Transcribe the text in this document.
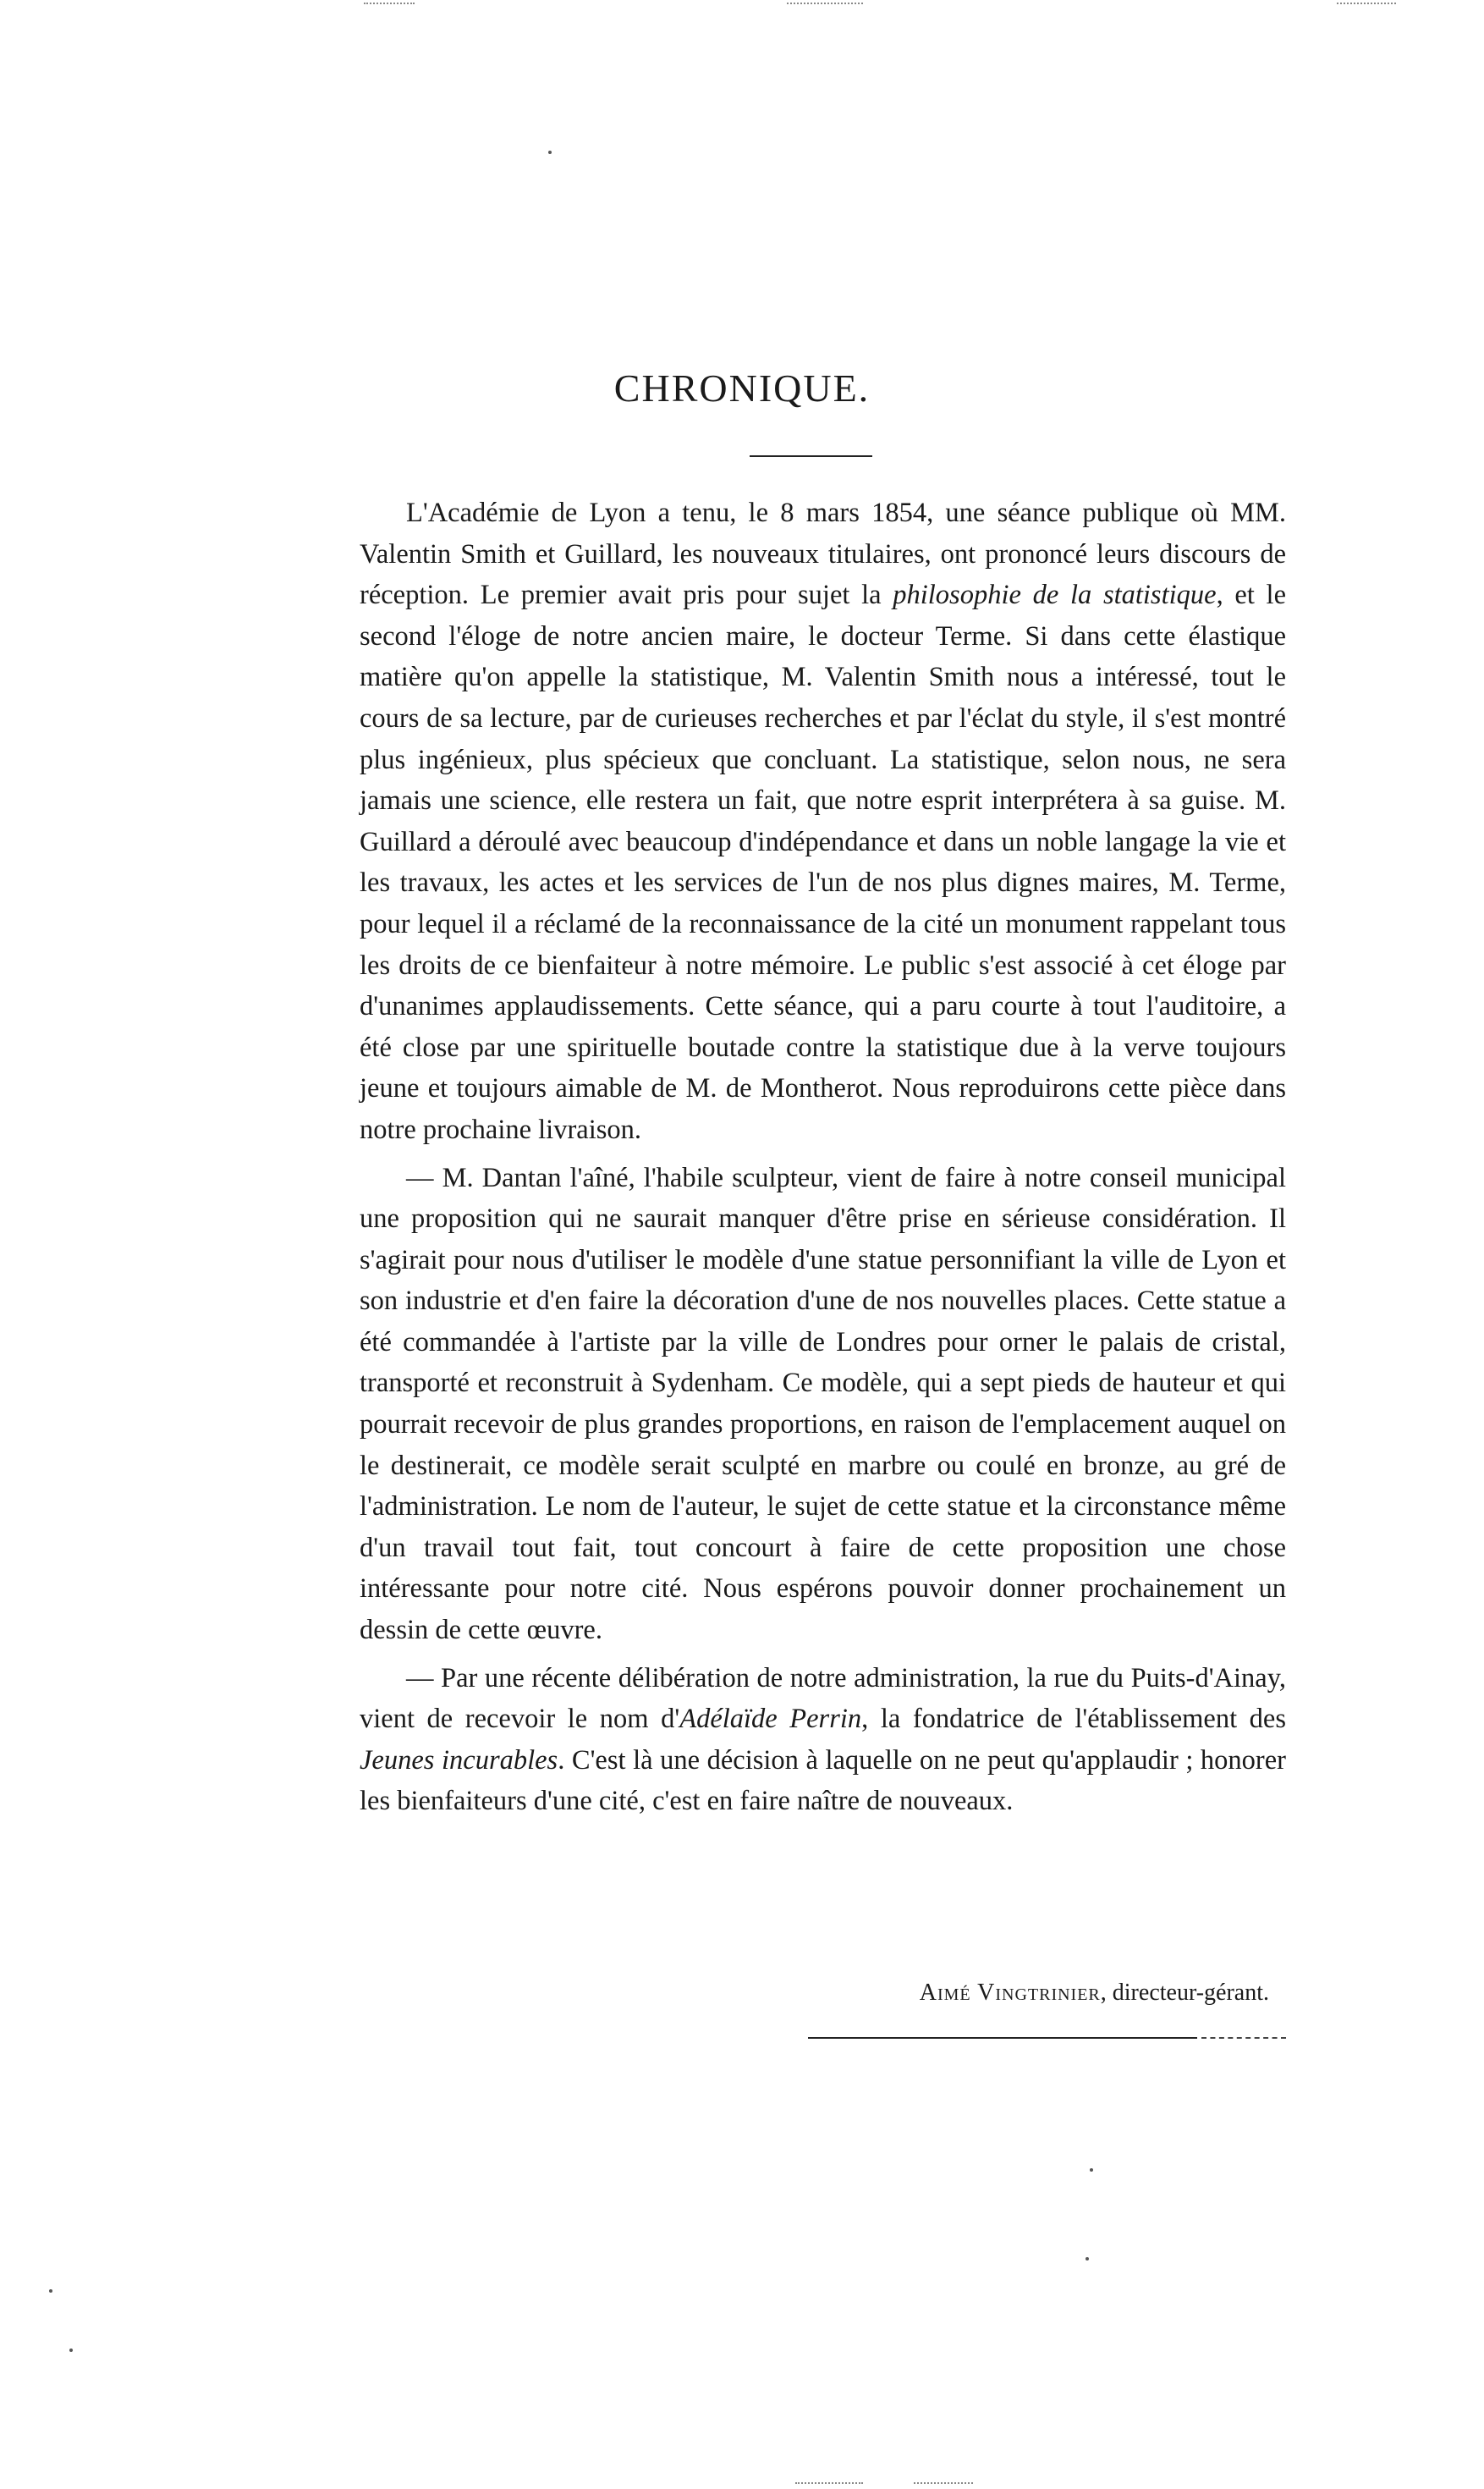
CHRONIQUE.

L'Académie de Lyon a tenu, le 8 mars 1854, une séance publique où MM. Valentin Smith et Guillard, les nouveaux titulaires, ont prononcé leurs discours de réception. Le premier avait pris pour sujet la philosophie de la statistique, et le second l'éloge de notre ancien maire, le docteur Terme. Si dans cette élastique matière qu'on appelle la statistique, M. Valentin Smith nous a intéressé, tout le cours de sa lecture, par de curieuses recherches et par l'éclat du style, il s'est montré plus ingénieux, plus spécieux que concluant. La statistique, selon nous, ne sera jamais une science, elle restera un fait, que notre esprit interprétera à sa guise. M. Guillard a déroulé avec beaucoup d'indépendance et dans un noble langage la vie et les travaux, les actes et les services de l'un de nos plus dignes maires, M. Terme, pour lequel il a réclamé de la reconnaissance de la cité un monument rappelant tous les droits de ce bienfaiteur à notre mémoire. Le public s'est associé à cet éloge par d'unanimes applaudissements. Cette séance, qui a paru courte à tout l'auditoire, a été close par une spirituelle boutade contre la statistique due à la verve toujours jeune et toujours aimable de M. de Montherot. Nous reproduirons cette pièce dans notre prochaine livraison.

— M. Dantan l'aîné, l'habile sculpteur, vient de faire à notre conseil municipal une proposition qui ne saurait manquer d'être prise en sérieuse considération. Il s'agirait pour nous d'utiliser le modèle d'une statue personnifiant la ville de Lyon et son industrie et d'en faire la décoration d'une de nos nouvelles places. Cette statue a été commandée à l'artiste par la ville de Londres pour orner le palais de cristal, transporté et reconstruit à Sydenham. Ce modèle, qui a sept pieds de hauteur et qui pourrait recevoir de plus grandes proportions, en raison de l'emplacement auquel on le destinerait, ce modèle serait sculpté en marbre ou coulé en bronze, au gré de l'administration. Le nom de l'auteur, le sujet de cette statue et la circonstance même d'un travail tout fait, tout concourt à faire de cette proposition une chose intéressante pour notre cité. Nous espérons pouvoir donner prochainement un dessin de cette œuvre.

— Par une récente délibération de notre administration, la rue du Puits-d'Ainay, vient de recevoir le nom d'Adélaïde Perrin, la fondatrice de l'établissement des Jeunes incurables. C'est là une décision à laquelle on ne peut qu'applaudir ; honorer les bienfaiteurs d'une cité, c'est en faire naître de nouveaux.

Aimé Vingtrinier, directeur-gérant.
